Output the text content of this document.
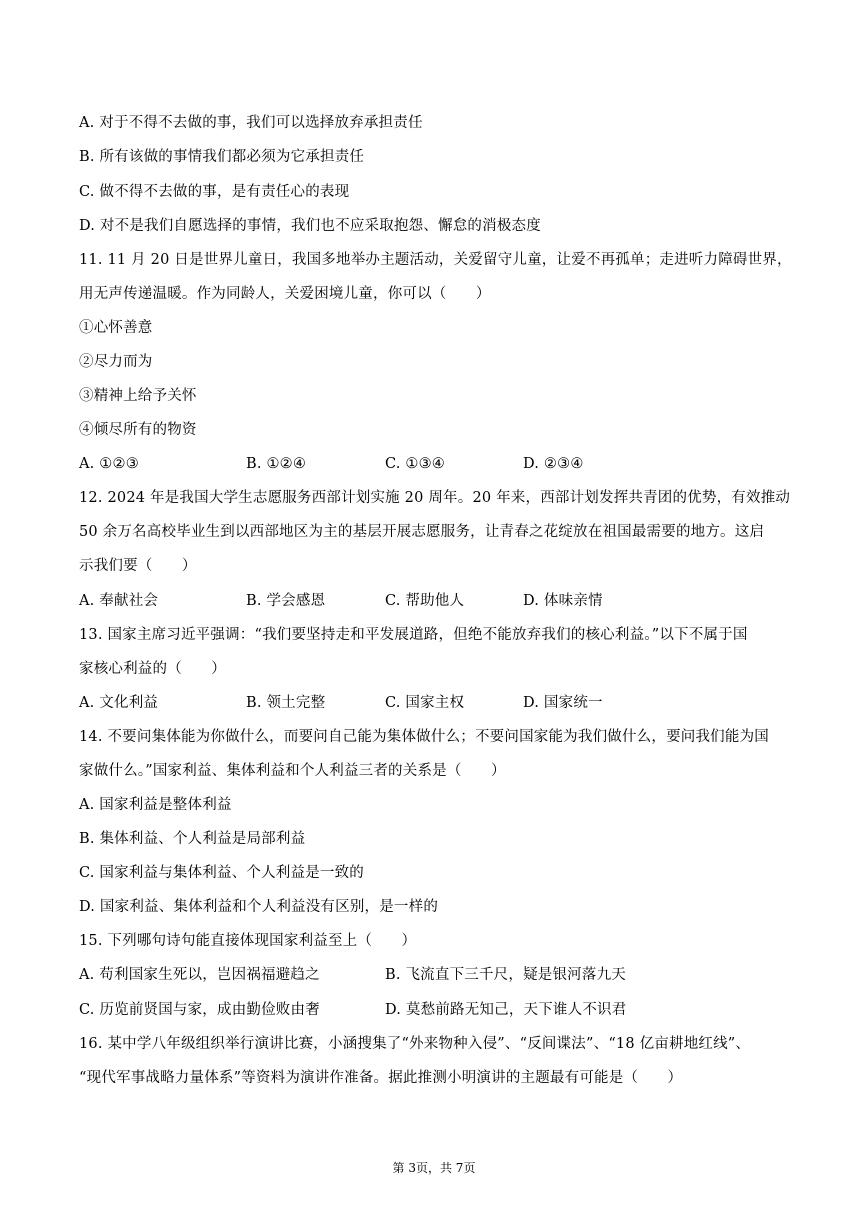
A. 对于不得不去做的事，我们可以选择放弃承担责任
B. 所有该做的事情我们都必须为它承担责任
C. 做不得不去做的事，是有责任心的表现
D. 对不是我们自愿选择的事情，我们也不应采取抱怨、懈怠的消极态度
11. 11 月 20 日是世界儿童日，我国多地举办主题活动，关爱留守儿童，让爱不再孤单；走进听力障碍世界，
用无声传递温暖。作为同龄人，关爱困境儿童，你可以（　　）
①心怀善意
②尽力而为
③精神上给予关怀
④倾尽所有的物资
A. ①②③	B. ①②④	C. ①③④	D. ②③④
12. 2024 年是我国大学生志愿服务西部计划实施 20 周年。20 年来，西部计划发挥共青团的优势，有效推动
50 余万名高校毕业生到以西部地区为主的基层开展志愿服务，让青春之花绽放在祖国最需要的地方。这启
示我们要（　　）
A. 奉献社会	B. 学会感恩	C. 帮助他人	D. 体味亲情
13. 国家主席习近平强调：“我们要坚持走和平发展道路，但绝不能放弃我们的核心利益。”以下不属于国
家核心利益的（　　）
A. 文化利益	B. 领土完整	C. 国家主权	D. 国家统一
14. 不要问集体能为你做什么，而要问自己能为集体做什么；不要问国家能为我们做什么，要问我们能为国
家做什么。”国家利益、集体利益和个人利益三者的关系是（　　）
A. 国家利益是整体利益
B. 集体利益、个人利益是局部利益
C. 国家利益与集体利益、个人利益是一致的
D. 国家利益、集体利益和个人利益没有区别，是一样的
15. 下列哪句诗句能直接体现国家利益至上（　　）
A. 苟利国家生死以，岂因祸福避趋之	B. 飞流直下三千尺，疑是银河落九天
C. 历览前贤国与家，成由勤俭败由奢	D. 莫愁前路无知己，天下谁人不识君
16. 某中学八年级组织举行演讲比赛，小涵搜集了“外来物种入侵”、“反间谍法”、“18 亿亩耕地红线”、
“现代军事战略力量体系”等资料为演讲作准备。据此推测小明演讲的主题最有可能是（　　）
第 3页，共 7页
